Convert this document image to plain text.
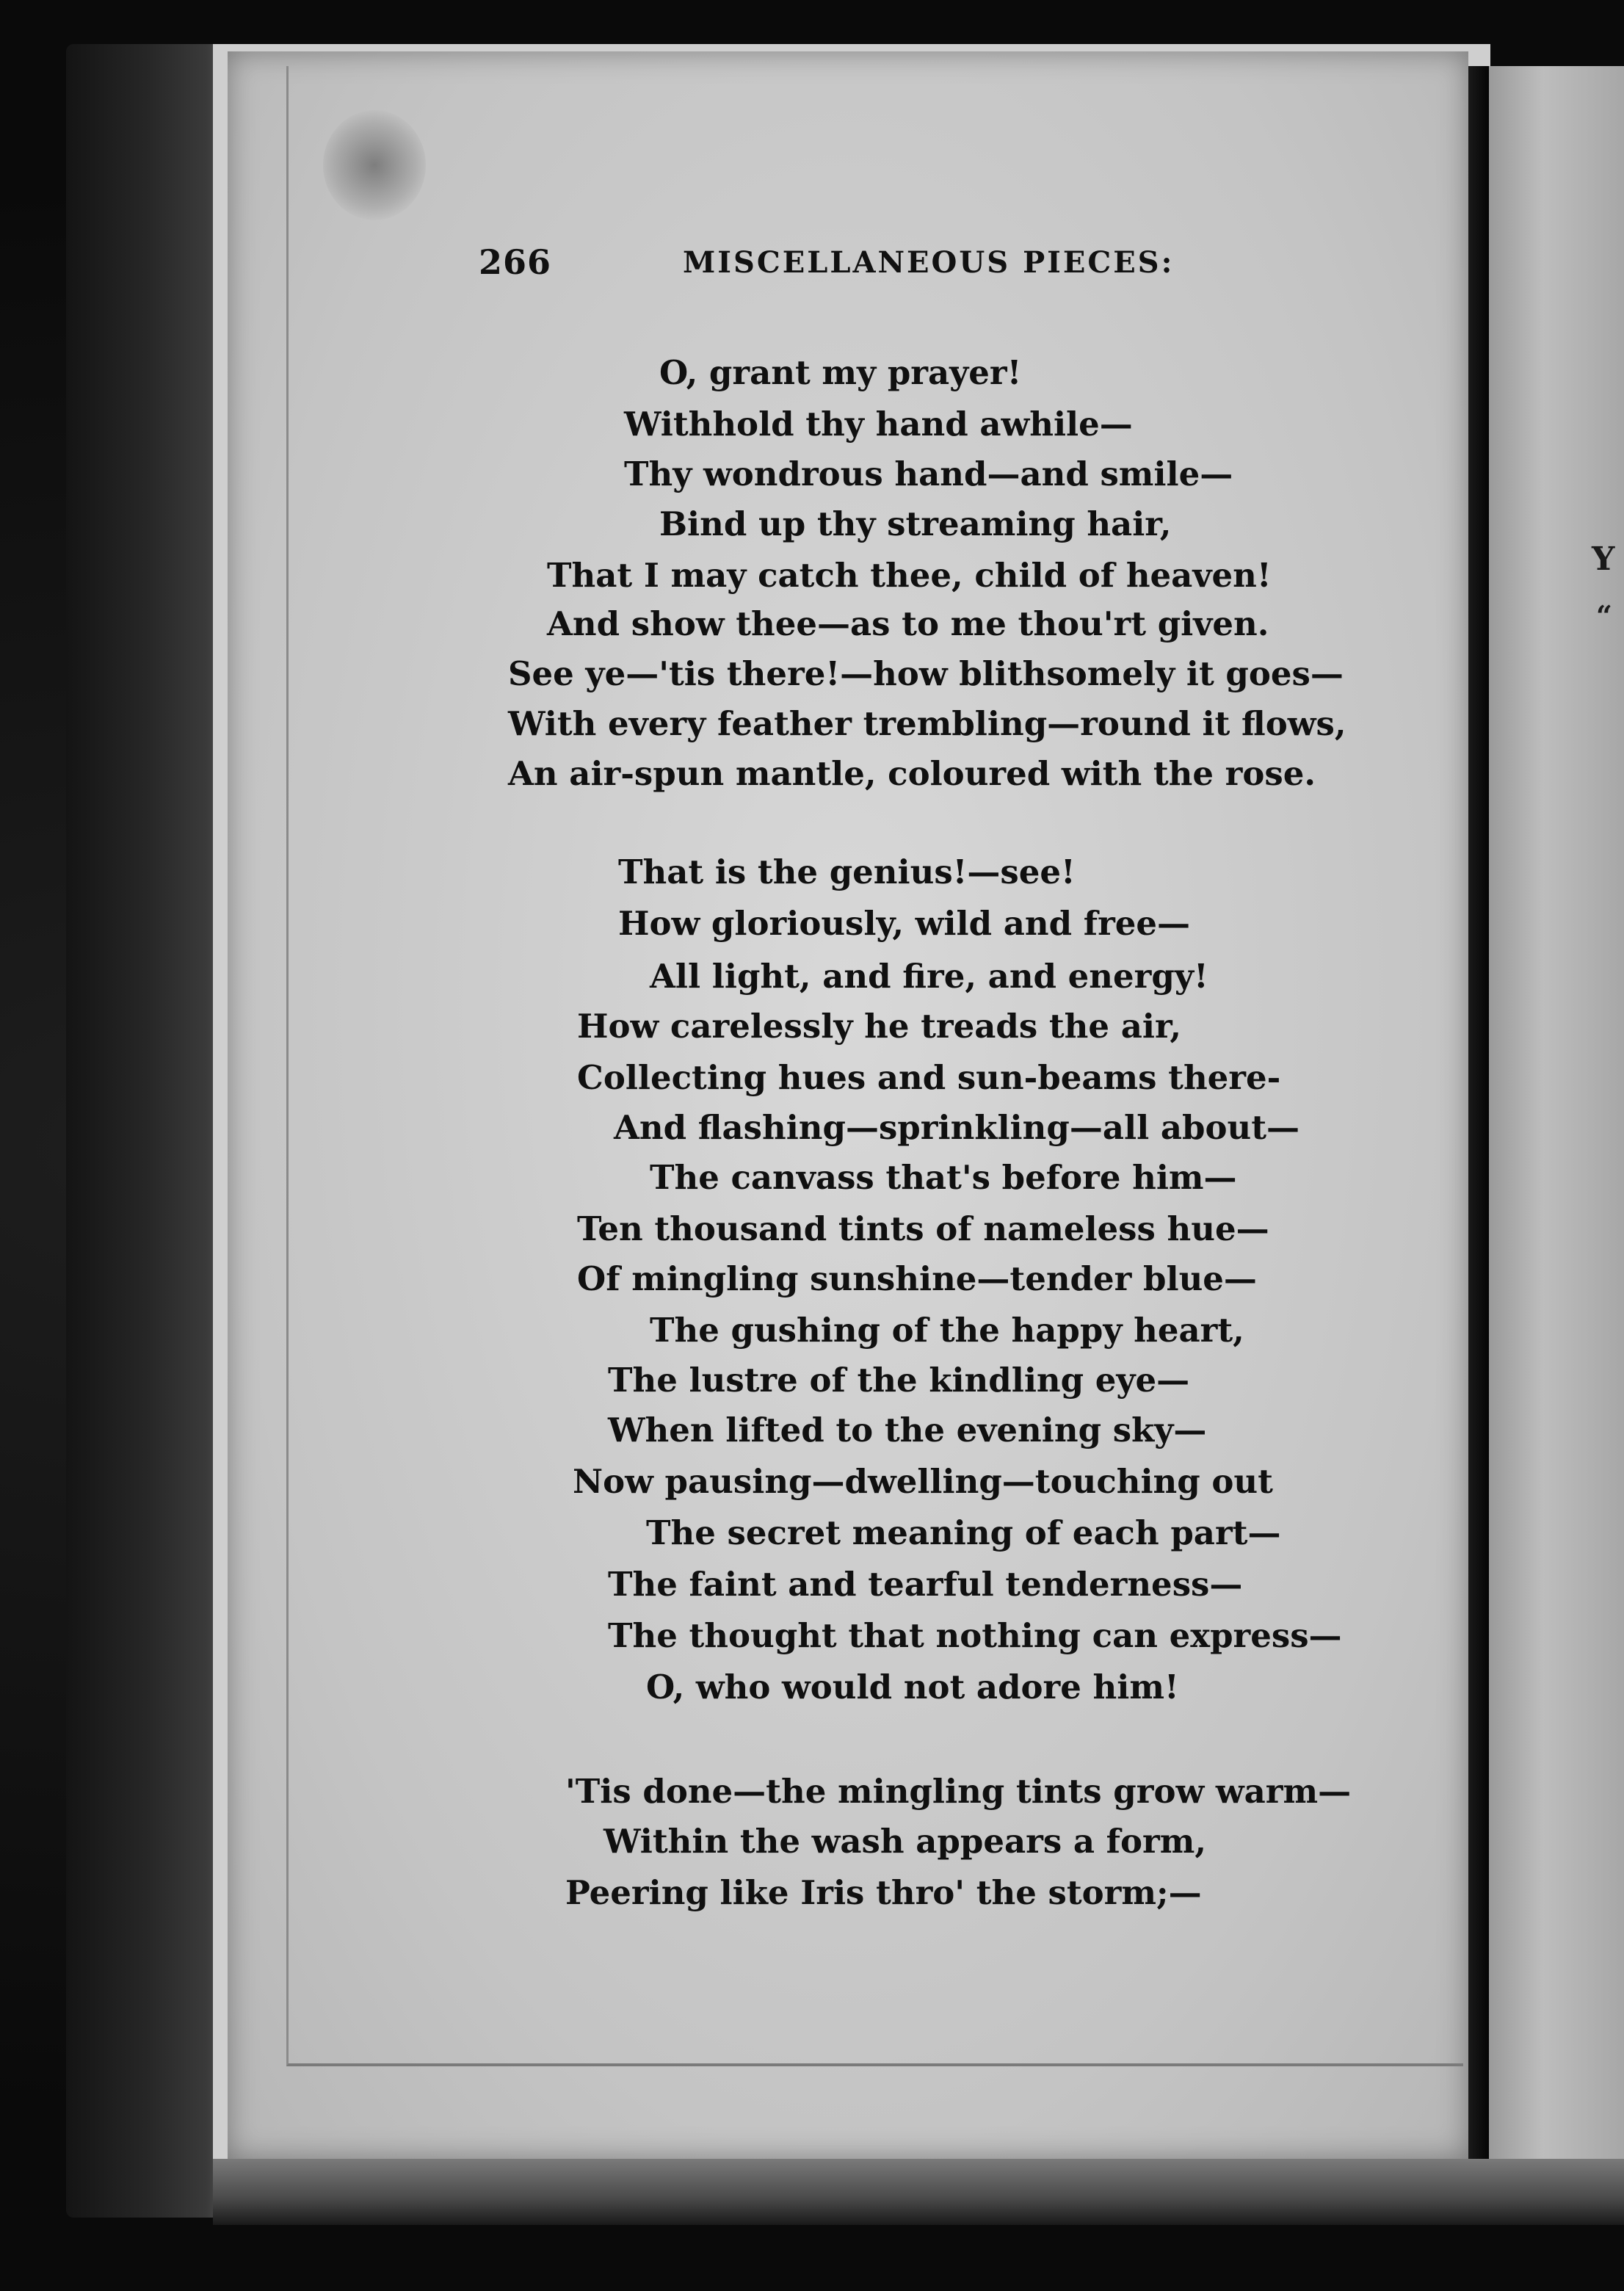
Y
“
266	MISCELLANEOUS PIECES:
O, grant my prayer!
Withhold thy hand awhile—
Thy wondrous hand—and smile—
Bind up thy streaming hair,
That I may catch thee, child of heaven!
And show thee—as to me thou'rt given.
See ye—'tis there!—how blithsomely it goes—
With every feather trembling—round it flows,
An air-spun mantle, coloured with the rose.
That is the genius!—see!
How gloriously, wild and free—
All light, and fire, and energy!
How carelessly he treads the air,
Collecting hues and sun-beams there-
And flashing—sprinkling—all about—
The canvass that's before him—
Ten thousand tints of nameless hue—
Of mingling sunshine—tender blue—
The gushing of the happy heart,
The lustre of the kindling eye—
When lifted to the evening sky—
Now pausing—dwelling—touching out
The secret meaning of each part—
The faint and tearful tenderness—
The thought that nothing can express—
O, who would not adore him!
'Tis done—the mingling tints grow warm—
Within the wash appears a form,
Peering like Iris thro' the storm;—
